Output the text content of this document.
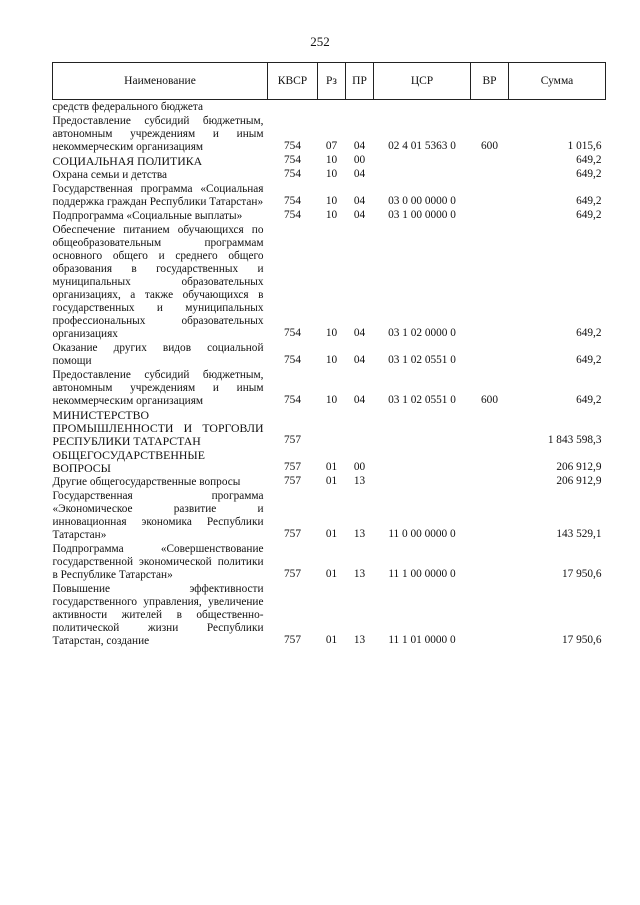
252
Наименование	КВСР	Рз	ПР	ЦСР	ВР	Сумма
средств федерального бюджета						
Предоставление субсидий бюджетным, автономным учреждениям и иным некоммерческим организациям	754	07	04	02 4 01 5363 0	600	1 015,6
СОЦИАЛЬНАЯ ПОЛИТИКА	754	10	00			649,2
Охрана семьи и детства	754	10	04			649,2
Государственная программа «Социальная поддержка граждан Республики Татарстан»	754	10	04	03 0 00 0000 0		649,2
Подпрограмма «Социальные выплаты»	754	10	04	03 1 00 0000 0		649,2
Обеспечение питанием обучающихся по общеобразовательным программам основного общего и среднего общего образования в государственных и муниципальных образовательных организациях, а также обучающихся в государственных и муниципальных профессиональных образовательных организациях	754	10	04	03 1 02 0000 0		649,2
Оказание других видов социальной помощи	754	10	04	03 1 02 0551 0		649,2
Предоставление субсидий бюджетным, автономным учреждениям и иным некоммерческим организациям	754	10	04	03 1 02 0551 0	600	649,2
МИНИСТЕРСТВО ПРОМЫШЛЕННОСТИ И ТОРГОВЛИ РЕСПУБЛИКИ ТАТАРСТАН	757					1 843 598,3
ОБЩЕГОСУДАРСТВЕННЫЕ ВОПРОСЫ	757	01	00			206 912,9
Другие общегосударственные вопросы	757	01	13			206 912,9
Государственная программа «Экономическое развитие и инновационная экономика Республики Татарстан»	757	01	13	11 0 00 0000 0		143 529,1
Подпрограмма «Совершенствование государственной экономической политики в Республике Татарстан»	757	01	13	11 1 00 0000 0		17 950,6
Повышение эффективности государственного управления, увеличение активности жителей в общественно-политической жизни Республики Татарстан, создание	757	01	13	11 1 01 0000 0		17 950,6
